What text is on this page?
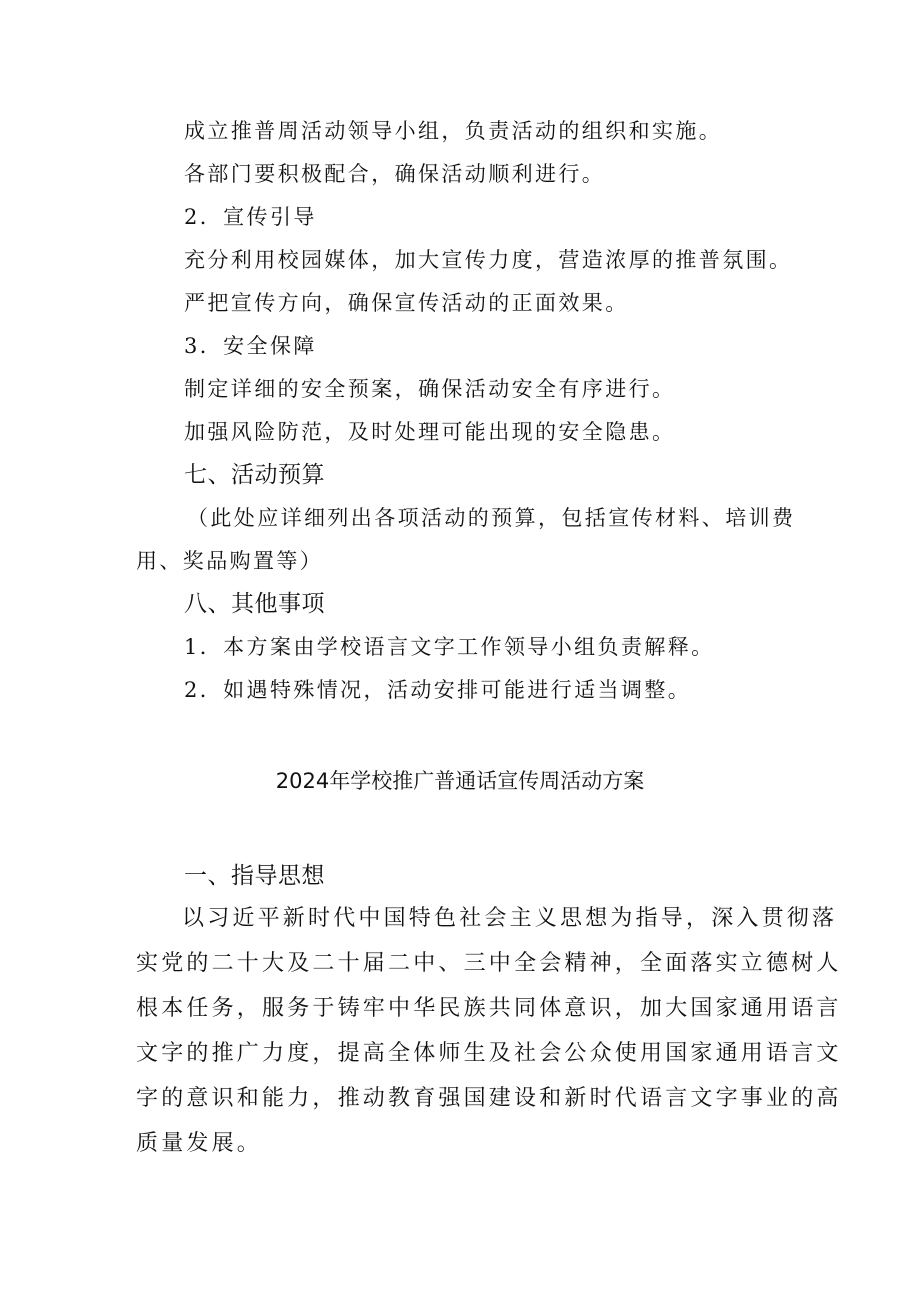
成立推普周活动领导小组，负责活动的组织和实施。
各部门要积极配合，确保活动顺利进行。
2．宣传引导
充分利用校园媒体，加大宣传力度，营造浓厚的推普氛围。
严把宣传方向，确保宣传活动的正面效果。
3．安全保障
制定详细的安全预案，确保活动安全有序进行。
加强风险防范，及时处理可能出现的安全隐患。
七、活动预算
（此处应详细列出各项活动的预算，包括宣传材料、培训费
用、奖品购置等）
八、其他事项
1．本方案由学校语言文字工作领导小组负责解释。
2．如遇特殊情况，活动安排可能进行适当调整。
2024年学校推广普通话宣传周活动方案
一、指导思想
以习近平新时代中国特色社会主义思想为指导，深入贯彻落
实党的二十大及二十届二中、三中全会精神，全面落实立德树人
根本任务，服务于铸牢中华民族共同体意识，加大国家通用语言
文字的推广力度，提高全体师生及社会公众使用国家通用语言文
字的意识和能力，推动教育强国建设和新时代语言文字事业的高
质量发展。
